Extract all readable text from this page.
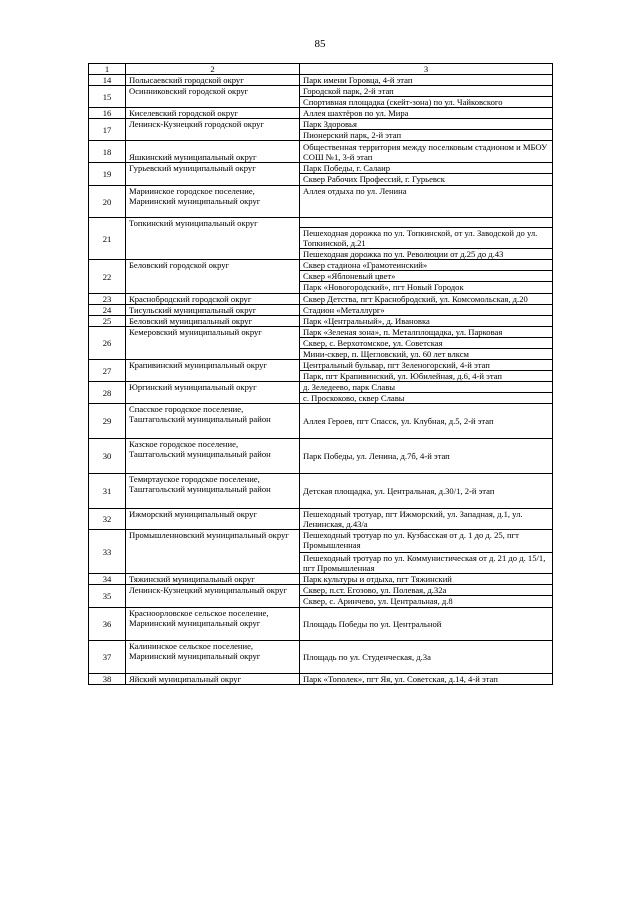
85
1	2	3
14	Полысаевский городской округ	Парк имени Горовца, 4-й этап
15	Осинниковский городской округ	Городской парк, 2-й этап
		Спортивная площадка (скейт-зона) по ул. Чайковского
16	Киселевский городской округ	Аллея шахтёров по ул. Мира
17	Ленинск-Кузнецкий городской округ	Парк Здоровья
		Пионерский парк, 2-й этап
18	Яшкинский муниципальный округ	Общественная территория между поселковым стадионом и МБОУ СОШ №1, 3-й этап
19	Гурьевский муниципальный округ	Парк Победы, г. Салаир
		Сквер Рабочих Профессий, г. Гурьевск
20	Мариинское городское поселение, Мариинский муниципальный округ	Аллея отдыха по ул. Ленина
21	Топкинский муниципальный округ	
		Пешеходная дорожка по ул. Топкинской, от ул. Заводской до ул. Топкинской, д.21
		Пешеходная дорожка по ул. Революции от д.25 до д.43
22	Беловский городской округ	Сквер стадиона «Грамотеинский»
		Сквер «Яблоневый цвет»
		Парк «Новогородский», пгт Новый Городок
23	Краснобродский городской округ	Сквер Детства, пгт Краснобродский, ул. Комсомольская, д.20
24	Тисульский муниципальный округ	Стадион «Металлург»
25	Беловский муниципальный округ	Парк «Центральный», д. Ивановка
26	Кемеровский муниципальный округ	Парк «Зеленая зона», п. Металплощадка, ул. Парковая
		Сквер, с. Верхотомское, ул. Советская
		Мини-сквер, п. Щегловский, ул. 60 лет влксм
27	Крапивинский муниципальный округ	Центральный бульвар, пгт Зеленогорский, 4-й этап
		Парк, пгт Крапивинский, ул. Юбилейная, д.6, 4-й этап
28	Юргинский муниципальный округ	д. Зеледеево, парк Славы
		с. Проскоково, сквер Славы
29	Спасское городское поселение, Таштагольский муниципальный район	Аллея Героев, пгт Спасск, ул. Клубная, д.5, 2-й этап
30	Казское городское поселение, Таштагольский муниципальный район	Парк Победы, ул. Ленина, д.7б, 4-й этап
31	Темиртауское городское поселение, Таштагольский муниципальный район	Детская площадка, ул. Центральная, д.30/1, 2-й этап
32	Ижморский муниципальный округ	Пешеходный тротуар, пгт Ижморский, ул. Западная, д.1, ул. Ленинская, д.43/а
33	Промышленновский муниципальный округ	Пешеходный тротуар по ул. Кузбасская от д. 1 до д. 25, пгт Промышленная
		Пешеходный тротуар по ул. Коммунистическая от д. 21 до д. 15/1, пгт Промышленная
34	Тяжинский муниципальный округ	Парк культуры и отдыха, пгт Тяжинский
35	Ленинск-Кузнецкий муниципальный округ	Сквер, п.ст. Егозово, ул. Полевая, д.32а
		Сквер, с. Аринчево, ул. Центральная, д.8
36	Красноорловское сельское поселение, Мариинский муниципальный округ	Площадь Победы по ул. Центральной
37	Калининское сельское поселение, Мариинский муниципальный округ	Площадь по ул. Студенческая, д.3а
38	Яйский муниципальный округ	Парк «Тополек», пгт Яя, ул. Советская, д.14, 4-й этап
